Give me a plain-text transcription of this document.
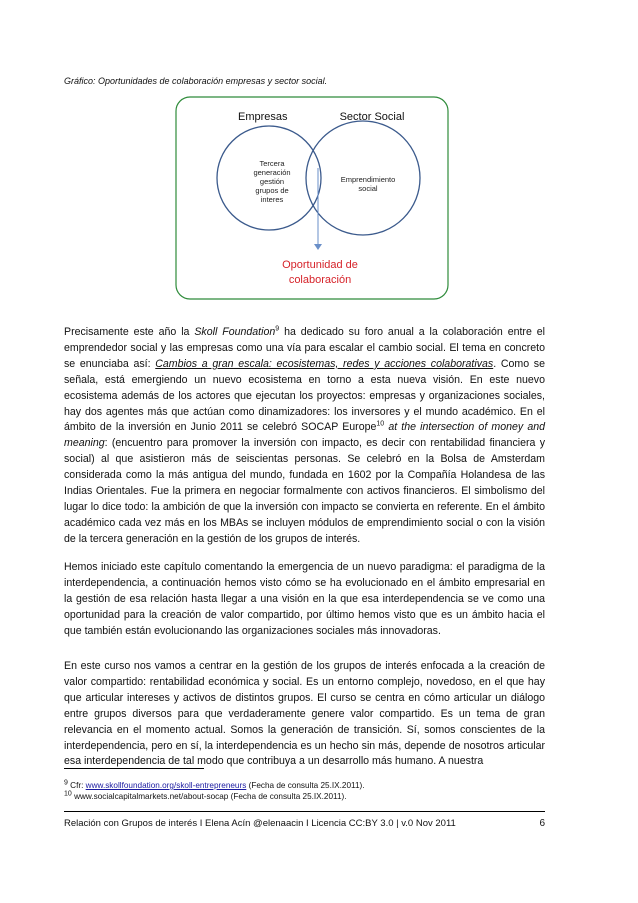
Gráfico: Oportunidades de colaboración empresas y sector social.
Empresas	Sector Social
Tercera
generación
gestión
grupos de
interes
Emprendimiento
social
Oportunidad de
colaboración

Precisamente este año la Skoll Foundation$^9$ ha dedicado su foro anual a la colaboración entre el emprendedor social y las empresas como una vía para escalar el cambio social. El tema en concreto se enunciaba así: Cambios a gran escala: ecosistemas, redes y acciones colaborativas. Como se señala, está emergiendo un nuevo ecosistema en torno a esta nueva visión. En este nuevo ecosistema además de los actores que ejecutan los proyectos: empresas y organizaciones sociales, hay dos agentes más que actúan como dinamizadores: los inversores y el mundo académico. En el ámbito de la inversión en Junio 2011 se celebró SOCAP Europe$^{10}$ at the intersection of money and meaning: (encuentro para promover la inversión con impacto, es decir con rentabilidad financiera y social) al que asistieron más de seiscientas personas. Se celebró en la Bolsa de Amsterdam considerada como la más antigua del mundo, fundada en 1602 por la Compañía Holandesa de las Indias Orientales. Fue la primera en negociar formalmente con activos financieros. El simbolismo del lugar lo dice todo: la ambición de que la inversión con impacto se convierta en referente. En el ámbito académico cada vez más en los MBAs se incluyen módulos de emprendimiento social o con la visión de la tercera generación en la gestión de los grupos de interés.

Hemos iniciado este capítulo comentando la emergencia de un nuevo paradigma: el paradigma de la interdependencia, a continuación hemos visto cómo se ha evolucionado en el ámbito empresarial en la gestión de esa relación hasta llegar a una visión en la que esa interdependencia se ve como una oportunidad para la creación de valor compartido, por último hemos visto que es un ámbito hacia el que también están evolucionando las organizaciones sociales más innovadoras.

En este curso nos vamos a centrar en la gestión de los grupos de interés enfocada a la creación de valor compartido: rentabilidad económica y social. Es un entorno complejo, novedoso, en el que hay que articular intereses y activos de distintos grupos. El curso se centra en cómo articular un diálogo entre grupos diversos para que verdaderamente genere valor compartido. Es un tema de gran relevancia en el momento actual. Somos la generación de transición. Sí, somos conscientes de la interdependencia, pero en sí, la interdependencia es un hecho sin más, depende de nosotros articular esa interdependencia de tal modo que contribuya a un desarrollo más humano. A nuestra

$^9$ Cfr: www.skollfoundation.org/skoll-entrepreneurs (Fecha de consulta 25.IX.2011).
$^{10}$ www.socialcapitalmarkets.net/about-socap (Fecha de consulta 25.IX.2011).
Relación con Grupos de interés I Elena Acín @elenaacin I Licencia CC:BY 3.0 | v.0 Nov 2011	6
